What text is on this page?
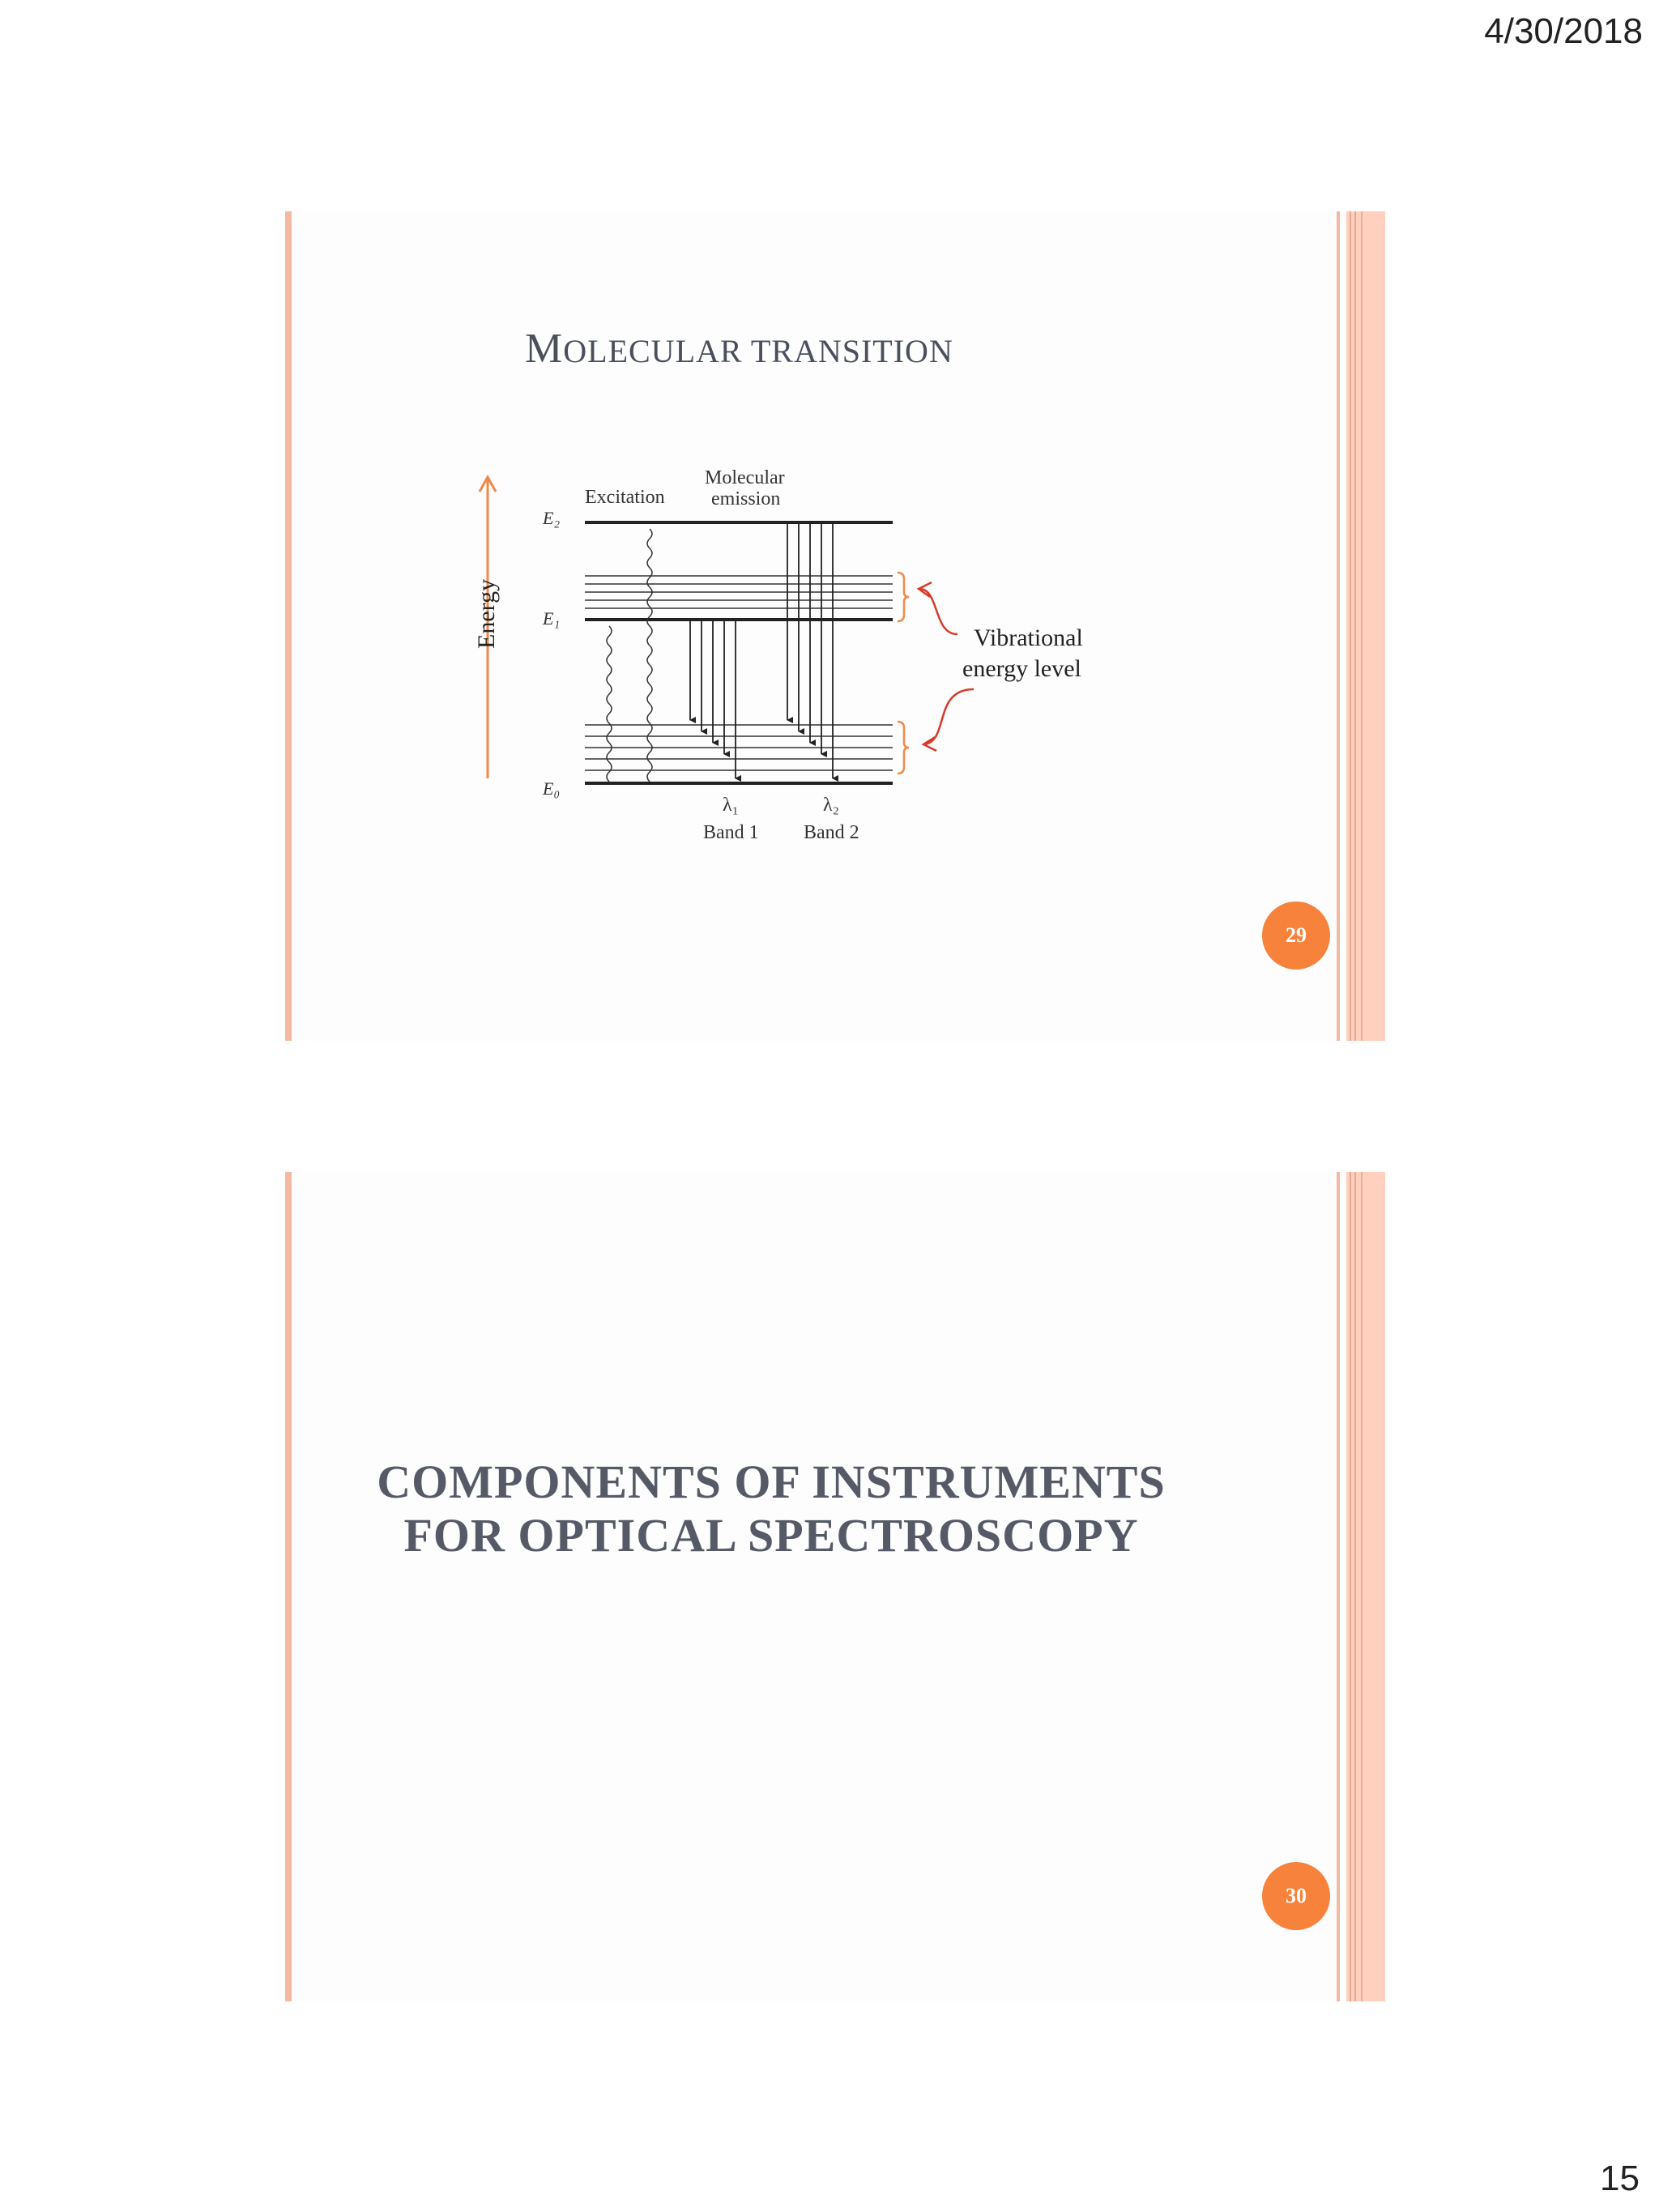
4/30/2018
MOLECULAR TRANSITION
Energy
E₂
E₁
E₀
Excitation
Molecular
emission
λ₁	λ₂
Band 1 Band 2
Vibrational
energy level
29
COMPONENTS OF INSTRUMENTS
FOR OPTICAL SPECTROSCOPY
30
15
